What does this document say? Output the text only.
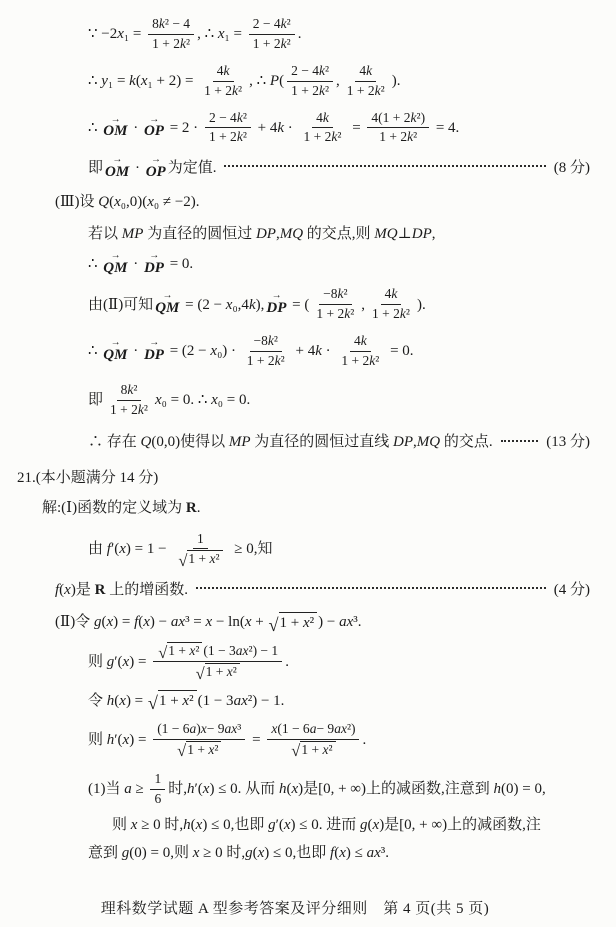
∵ $-2x_1 = \frac{\text{8 k ² − 4}}{\text{1 + 2 k ²}}$ , ∴ $x_1 = \frac{\text{2 − 4 k ²}}{\text{1 + 2 k ²}}$ .
∴ $y_1 = k(x_1 + 2) = \frac{4 k}{\text{1 + 2 k ²}}$ , ∴ $P( \frac{\text{2 − 4 k ²}}{\text{1 + 2 k ²}}$ , $\frac{4 k}{\text{1 + 2 k ²}}$ ).
∴
→
OM ·
→
OP = $2 \cdot \frac{\text{2 − 4 k ²}}{\text{1 + 2 k ²}} + 4k \cdot \frac{4 k}{\text{1 + 2 k ²}} = \frac{\text{4(1 + 2 k ²)}}{\text{1 + 2 k ²}} = 4$.
即
→
OM ·
→
OP 为定值.	(8 分)
(Ⅲ)设 Q(x₀,0)(x₀ ≠ −2).
若以 MP 为直径的圆恒过 DP,MQ 的交点,则 MQ⊥DP,
∴
→
QM ·
→
DP = 0.
由(Ⅱ)可知
→
QM = (2 − x₀,4k),
→
DP = ( $\frac{\text{−8 k ²}}{\text{1 + 2 k ²}}$ , $\frac{4 k}{\text{1 + 2 k ²}}$ ).
∴
→
QM ·
→
DP = $(2 - x_0) \cdot \frac{\text{−8 k ²}}{\text{1 + 2 k ²}} + 4k \cdot \frac{4 k}{\text{1 + 2 k ²}} = 0$.
即 $\frac{\text{8 k ²}}{\text{1 + 2 k ²}} x_0 = 0$. ∴ x₀ = 0.
∴ 存在 Q(0,0)使得以 MP 为直径的圆恒过直线 DP,MQ 的交点.	(13 分)
21.(本小题满分 14 分)
解:(Ⅰ)函数的定义域为 R .
由 $f'(x) = 1 - \frac{1}{\text{√ 1 + x²}} \ge 0$,知
f(x)是 R 上的增函数.	(4 分)
(Ⅱ)令 g(x) = f(x) − ax³ = x − ln(x + √ 1 + x² ) − ax³.
则 $g'(x) = \frac{\text{√ 1 + x² (1 − 3ax²) − 1}}{\text{√ 1 + x²}}$ .
令 h(x) = √ 1 + x² (1 − 3ax²) − 1.
则 $h'(x) = \frac{\text{(1 − 6 a ) x − 9 ax ³}}{\text{√ 1 + x²}} = \frac{\text{x (1 − 6 a − 9 ax ²)}}{\text{√ 1 + x²}}$ .
(1)当 $a \ge \frac{1}{6}$ 时,h′(x) ≤ 0. 从而 h(x)是[0, + ∞)上的减函数,注意到 h(0) = 0,
则 x ≥ 0 时,h(x) ≤ 0,也即 g′(x) ≤ 0. 进而 g(x)是[0, + ∞)上的减函数,注
意到 g(0) = 0,则 x ≥ 0 时,g(x) ≤ 0,也即 f(x) ≤ ax³.
理科数学试题 A 型参考答案及评分细则　第 4 页(共 5 页)
